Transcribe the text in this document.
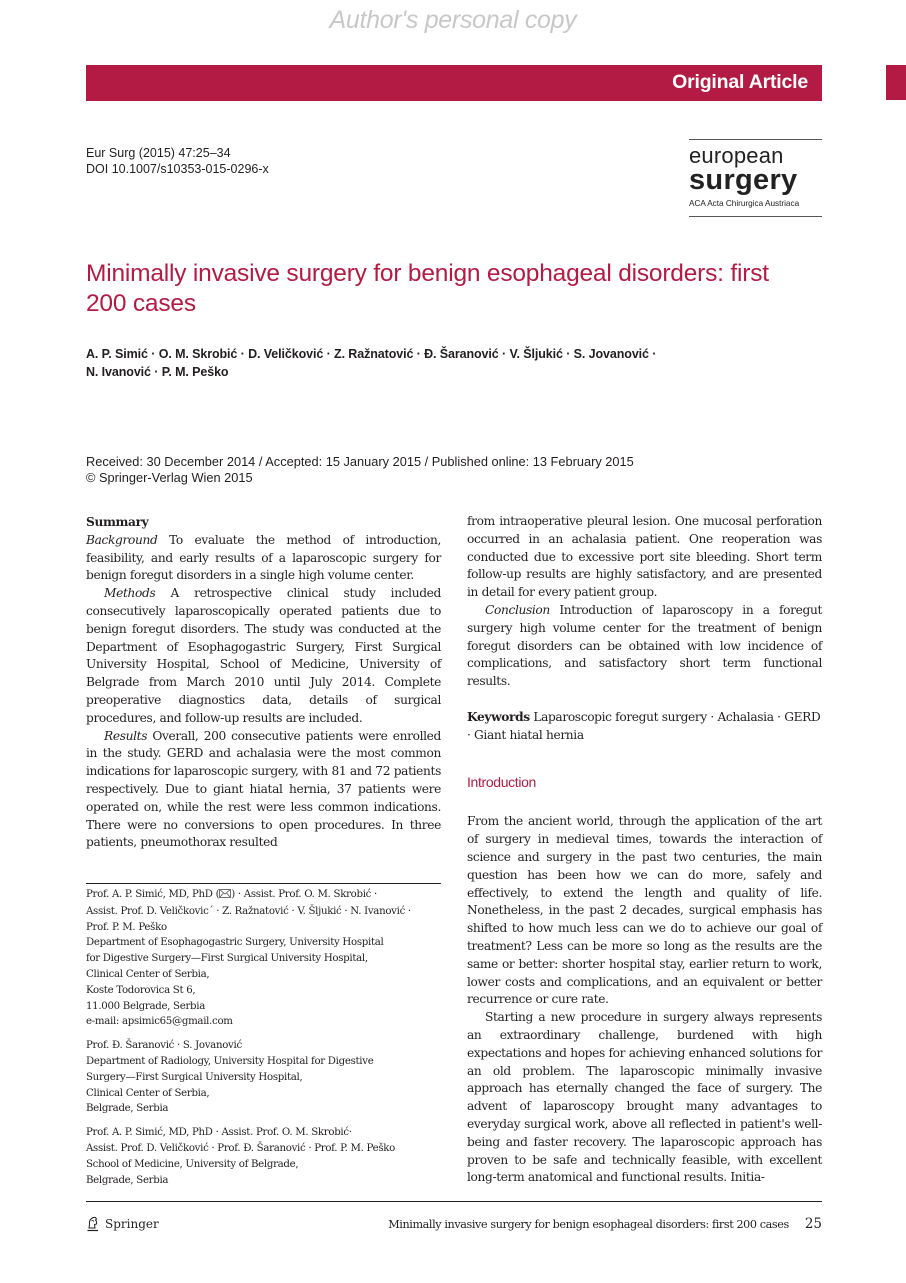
Author's personal copy
Original Article
Eur Surg (2015) 47:25–34
DOI 10.1007/s10353-015-0296-x
european
surgery
ACA Acta Chirurgica Austriaca
Minimally invasive surgery for benign esophageal disorders: first 200 cases
A. P. Simić · O. M. Skrobić · D. Veličković · Z. Ražnatović · Đ. Šaranović · V. Šljukić · S. Jovanović ·
N. Ivanović · P. M. Peško
Received: 30 December 2014 / Accepted: 15 January 2015 / Published online: 13 February 2015
© Springer-Verlag Wien 2015

Summary

Background To evaluate the method of introduction, feasibility, and early results of a laparoscopic surgery for benign foregut disorders in a single high volume center.

Methods A retrospective clinical study included consecutively laparoscopically operated patients due to benign foregut disorders. The study was conducted at the Department of Esophagogastric Surgery, First Surgical University Hospital, School of Medicine, University of Belgrade from March 2010 until July 2014. Complete preoperative diagnostics data, details of surgical procedures, and follow-up results are included.

Results Overall, 200 consecutive patients were enrolled in the study. GERD and achalasia were the most common indications for laparoscopic surgery, with 81 and 72 patients respectively. Due to giant hiatal hernia, 37 patients were operated on, while the rest were less common indications. There were no conversions to open procedures. In three patients, pneumothorax resulted

from intraoperative pleural lesion. One mucosal perforation occurred in an achalasia patient. One reoperation was conducted due to excessive port site bleeding. Short term follow-up results are highly satisfactory, and are presented in detail for every patient group.

Conclusion Introduction of laparoscopy in a foregut surgery high volume center for the treatment of benign foregut disorders can be obtained with low incidence of complications, and satisfactory short term functional results.

Keywords Laparoscopic foregut surgery · Achalasia · GERD · Giant hiatal hernia

Introduction

From the ancient world, through the application of the art of surgery in medieval times, towards the interaction of science and surgery in the past two centuries, the main question has been how we can do more, safely and effectively, to extend the length and quality of life. Nonetheless, in the past 2 decades, surgical emphasis has shifted to how much less can we do to achieve our goal of treatment? Less can be more so long as the results are the same or better: shorter hospital stay, earlier return to work, lower costs and complications, and an equivalent or better recurrence or cure rate.

Starting a new procedure in surgery always represents an extraordinary challenge, burdened with high expectations and hopes for achieving enhanced solutions for an old problem. The laparoscopic minimally invasive approach has eternally changed the face of surgery. The advent of laparoscopy brought many advantages to everyday surgical work, above all reflected in patient's well-being and faster recovery. The laparoscopic approach has proven to be safe and technically feasible, with excellent long-term anatomical and functional results. Initia-

Prof. A. P. Simić, MD, PhD ( ) · Assist. Prof. O. M. Skrobić ·

Assist. Prof. D. Veličkovic´ · Z. Ražnatović · V. Šljukić · N. Ivanović ·

Prof. P. M. Peško

Department of Esophagogastric Surgery, University Hospital

for Digestive Surgery—First Surgical University Hospital,

Clinical Center of Serbia,

Koste Todorovica St 6,

11.000 Belgrade, Serbia

e-mail: apsimic65@gmail.com

Prof. Đ. Šaranović · S. Jovanović

Department of Radiology, University Hospital for Digestive

Surgery—First Surgical University Hospital,

Clinical Center of Serbia,

Belgrade, Serbia

Prof. A. P. Simić, MD, PhD · Assist. Prof. O. M. Skrobić·

Assist. Prof. D. Veličković · Prof. Đ. Šaranović · Prof. P. M. Peško

School of Medicine, University of Belgrade,

Belgrade, Serbia

Springer	Minimally invasive surgery for benign esophageal disorders: first 200 cases 25
